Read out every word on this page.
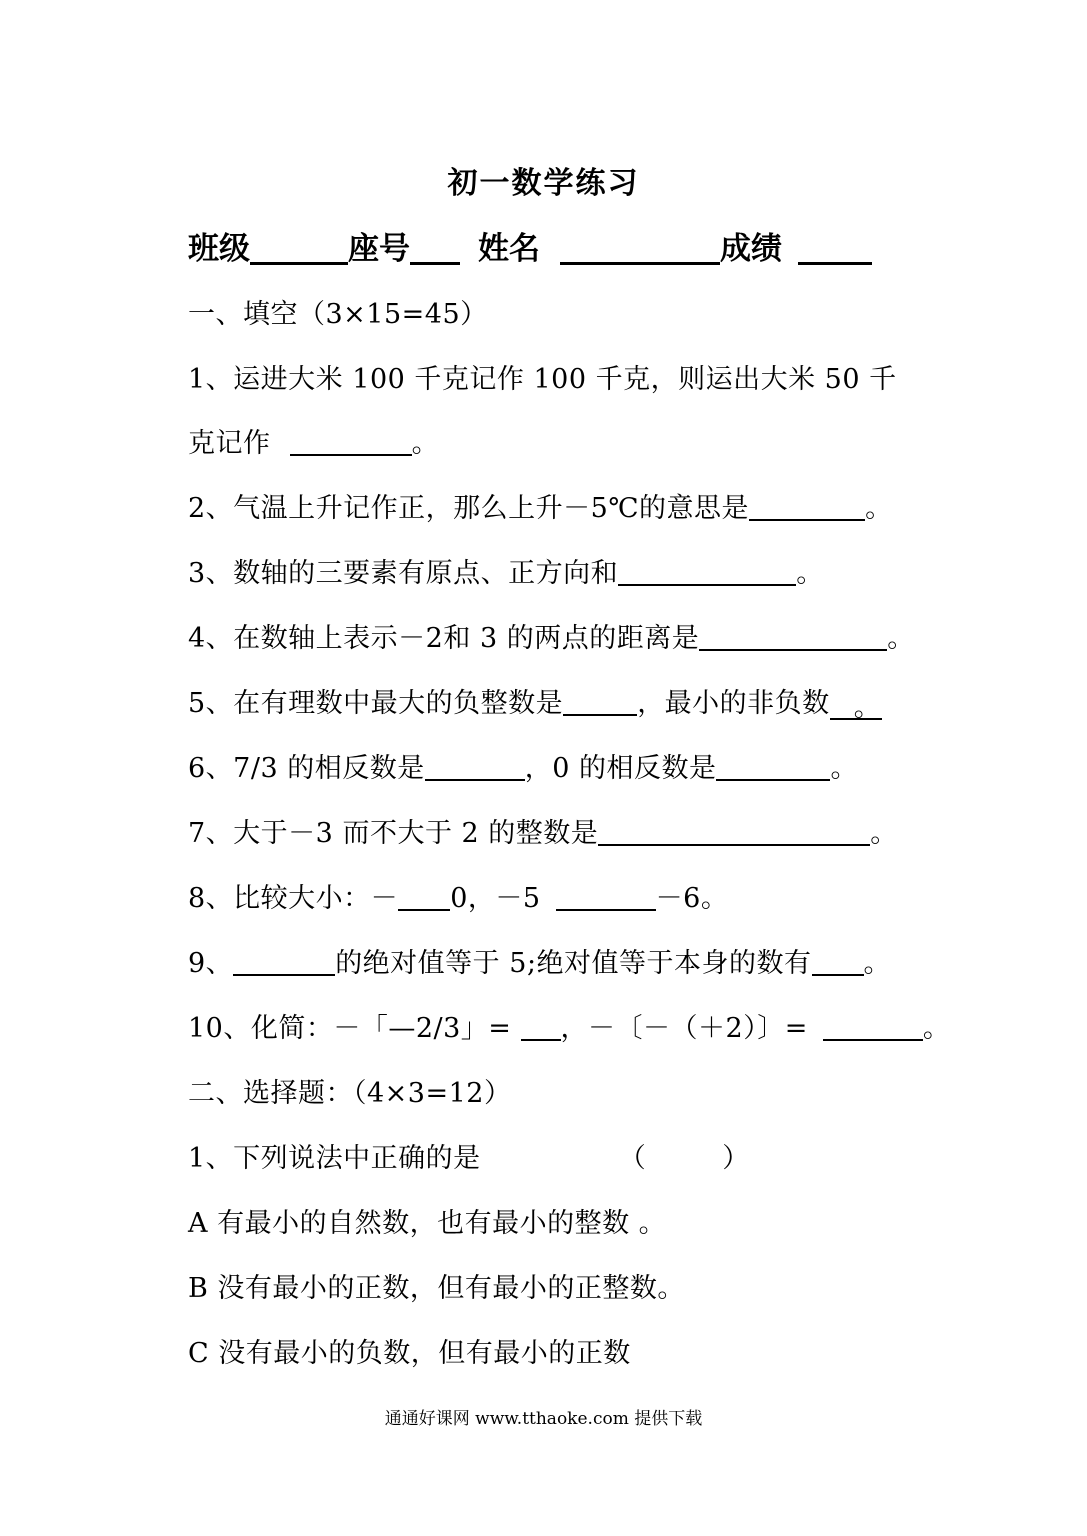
初一数学练习
班级	座号 姓名	成绩
一、填空（3×15=45）
1、运进大米 100 千克记作 100 千克，则运出大米 50 千
克记作	。
2、气温上升记作正，那么上升－5℃的意思是	。
3、数轴的三要素有原点、正方向和	。
4、在数轴上表示－2和 3 的两点的距离是	。
5、在有理数中最大的负整数是	，最小的非负数 。
6、7/3 的相反数是	，0 的相反数是	。
7、大于－3 而不大于 2 的整数是	。
8、比较大小：－ 0，－5	－6。
9、	的绝对值等于 5;绝对值等于本身的数有 。
10、化简：－「—2/3」= ，－〔－（＋2）〕=	。
二、选择题：（4×3=12）
1、下列说法中正确的是	（	）
A 有最小的自然数，也有最小的整数 。
B 没有最小的正数，但有最小的正整数。
C 没有最小的负数，但有最小的正数
通通好课网 www.tthaoke.com 提供下载
